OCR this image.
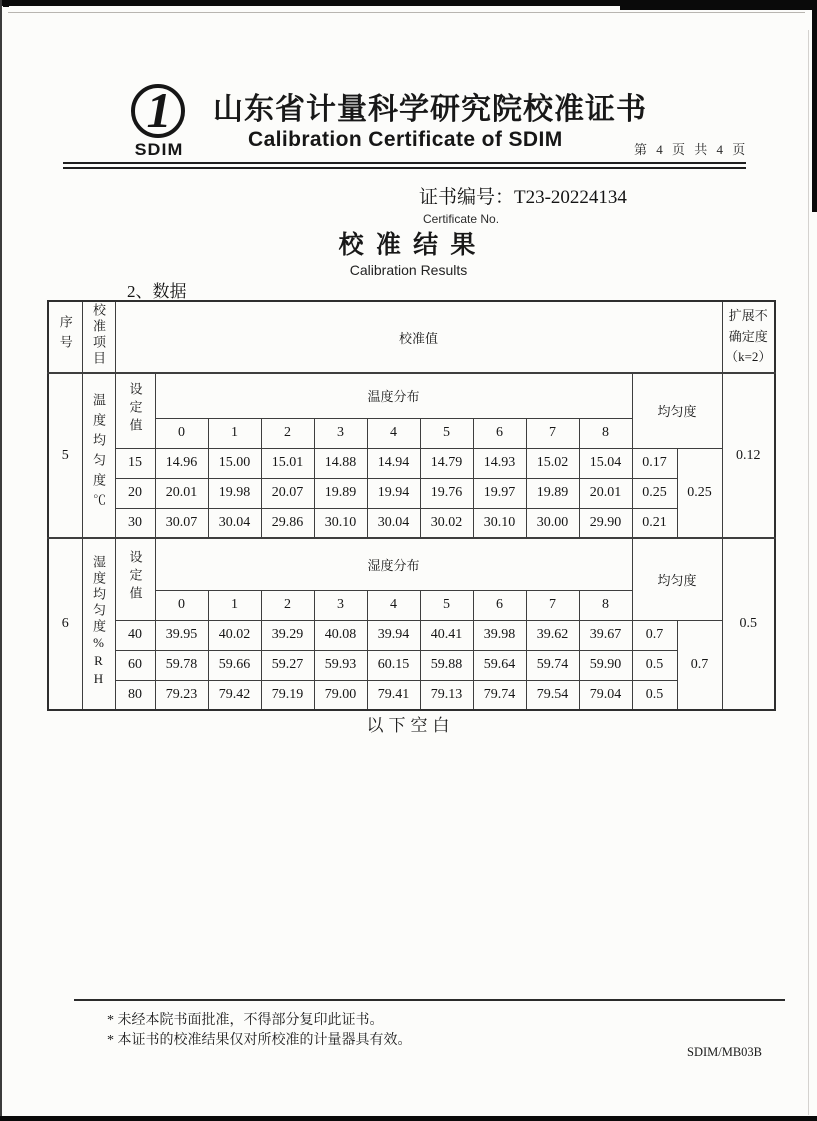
1
SDIM
山东省计量科学研究院校准证书
Calibration Certificate of SDIM	第 4 页 共 4 页
证书编号：T23-20224134
Certificate No.
校 准 结 果
Calibration Results
2、数据
序号	校准项目	校准值												扩展不确定度（k=2）
5	温度均匀度℃	设定值	温度分布									均匀度		0.12
			0	1	2	3	4	5	6	7	8			
		15	14.96	15.00	15.01	14.88	14.94	14.79	14.93	15.02	15.04	0.17	0.25	
		20	20.01	19.98	20.07	19.89	19.94	19.76	19.97	19.89	20.01	0.25		
		30	30.07	30.04	29.86	30.10	30.04	30.02	30.10	30.00	29.90	0.21		
6	湿度均匀度%RH	设定值	湿度分布									均匀度		0.5
			0	1	2	3	4	5	6	7	8			
		40	39.95	40.02	39.29	40.08	39.94	40.41	39.98	39.62	39.67	0.7	0.7	
		60	59.78	59.66	59.27	59.93	60.15	59.88	59.64	59.74	59.90	0.5		
		80	79.23	79.42	79.19	79.00	79.41	79.13	79.74	79.54	79.04	0.5		
以下空白
* 未经本院书面批准，不得部分复印此证书。
* 本证书的校准结果仅对所校准的计量器具有效。
SDIM/MB03B
